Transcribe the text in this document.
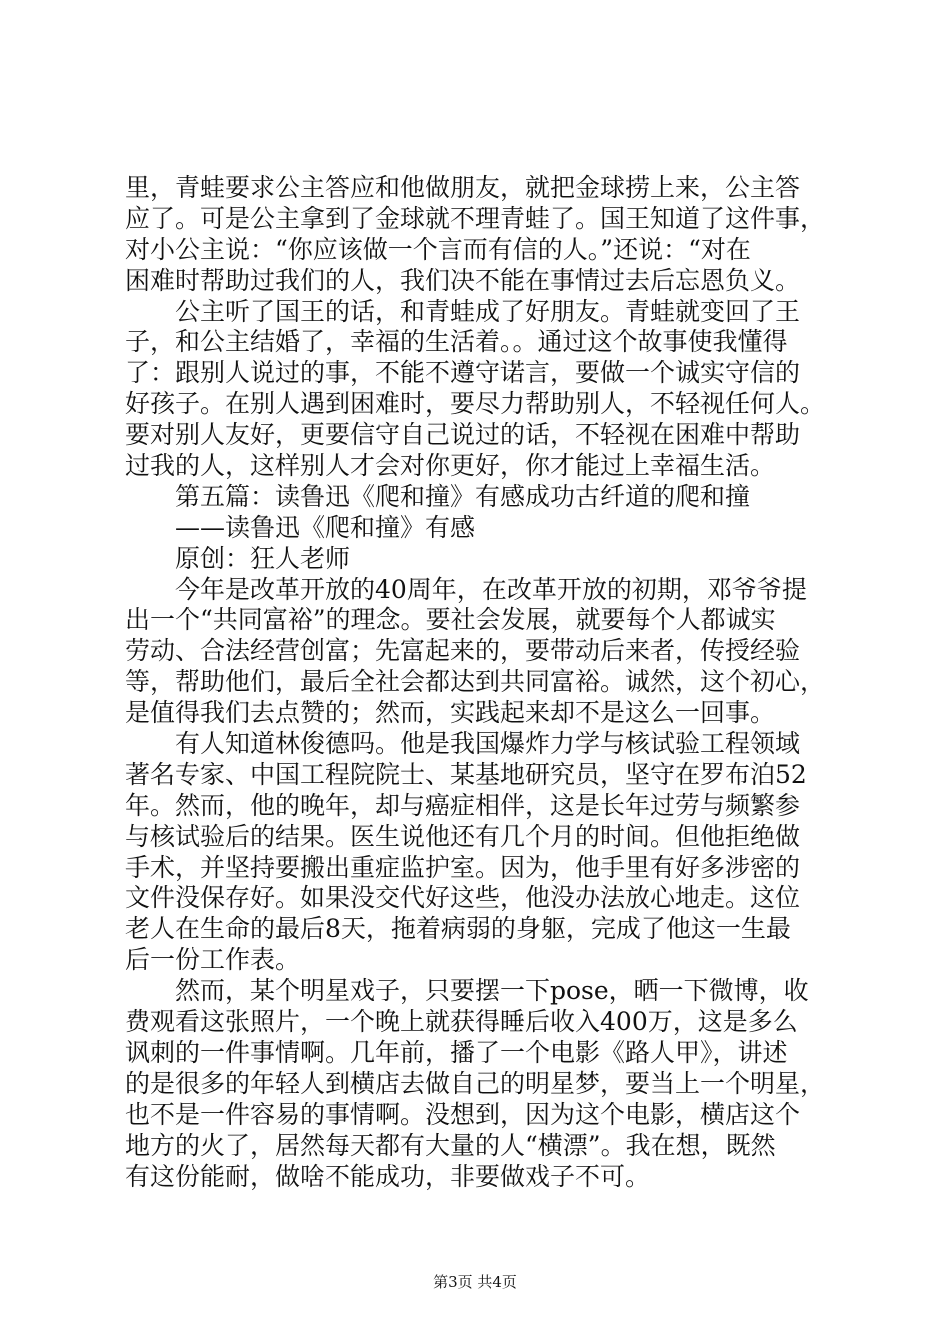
里，青蛙要求公主答应和他做朋友，就把金球捞上来，公主答
应了。可是公主拿到了金球就不理青蛙了。国王知道了这件事，
对小公主说：“你应该做一个言而有信的人。”还说：“对在
困难时帮助过我们的人，我们决不能在事情过去后忘恩负义。
公主听了国王的话，和青蛙成了好朋友。青蛙就变回了王
子，和公主结婚了，幸福的生活着。。通过这个故事使我懂得
了：跟别人说过的事，不能不遵守诺言，要做一个诚实守信的
好孩子。在别人遇到困难时，要尽力帮助别人，不轻视任何人。
要对别人友好，更要信守自己说过的话，不轻视在困难中帮助
过我的人，这样别人才会对你更好，你才能过上幸福生活。
第五篇：读鲁迅《爬和撞》有感成功古纤道的爬和撞
——读鲁迅《爬和撞》有感
原创：狂人老师
今年是改革开放的40周年，在改革开放的初期，邓爷爷提
出一个“共同富裕”的理念。要社会发展，就要每个人都诚实
劳动、合法经营创富；先富起来的，要带动后来者，传授经验
等，帮助他们，最后全社会都达到共同富裕。诚然，这个初心，
是值得我们去点赞的；然而，实践起来却不是这么一回事。
有人知道林俊德吗。他是我国爆炸力学与核试验工程领域
著名专家、中国工程院院士、某基地研究员，坚守在罗布泊52
年。然而，他的晚年，却与癌症相伴，这是长年过劳与频繁参
与核试验后的结果。医生说他还有几个月的时间。但他拒绝做
手术，并坚持要搬出重症监护室。因为，他手里有好多涉密的
文件没保存好。如果没交代好这些，他没办法放心地走。这位
老人在生命的最后8天，拖着病弱的身躯，完成了他这一生最
后一份工作表。
然而，某个明星戏子，只要摆一下pose，晒一下微博，收
费观看这张照片，一个晚上就获得睡后收入400万，这是多么
讽刺的一件事情啊。几年前，播了一个电影《路人甲》，讲述
的是很多的年轻人到横店去做自己的明星梦，要当上一个明星，
也不是一件容易的事情啊。没想到，因为这个电影，横店这个
地方的火了，居然每天都有大量的人“横漂”。我在想，既然
有这份能耐，做啥不能成功，非要做戏子不可。
第3页 共4页
